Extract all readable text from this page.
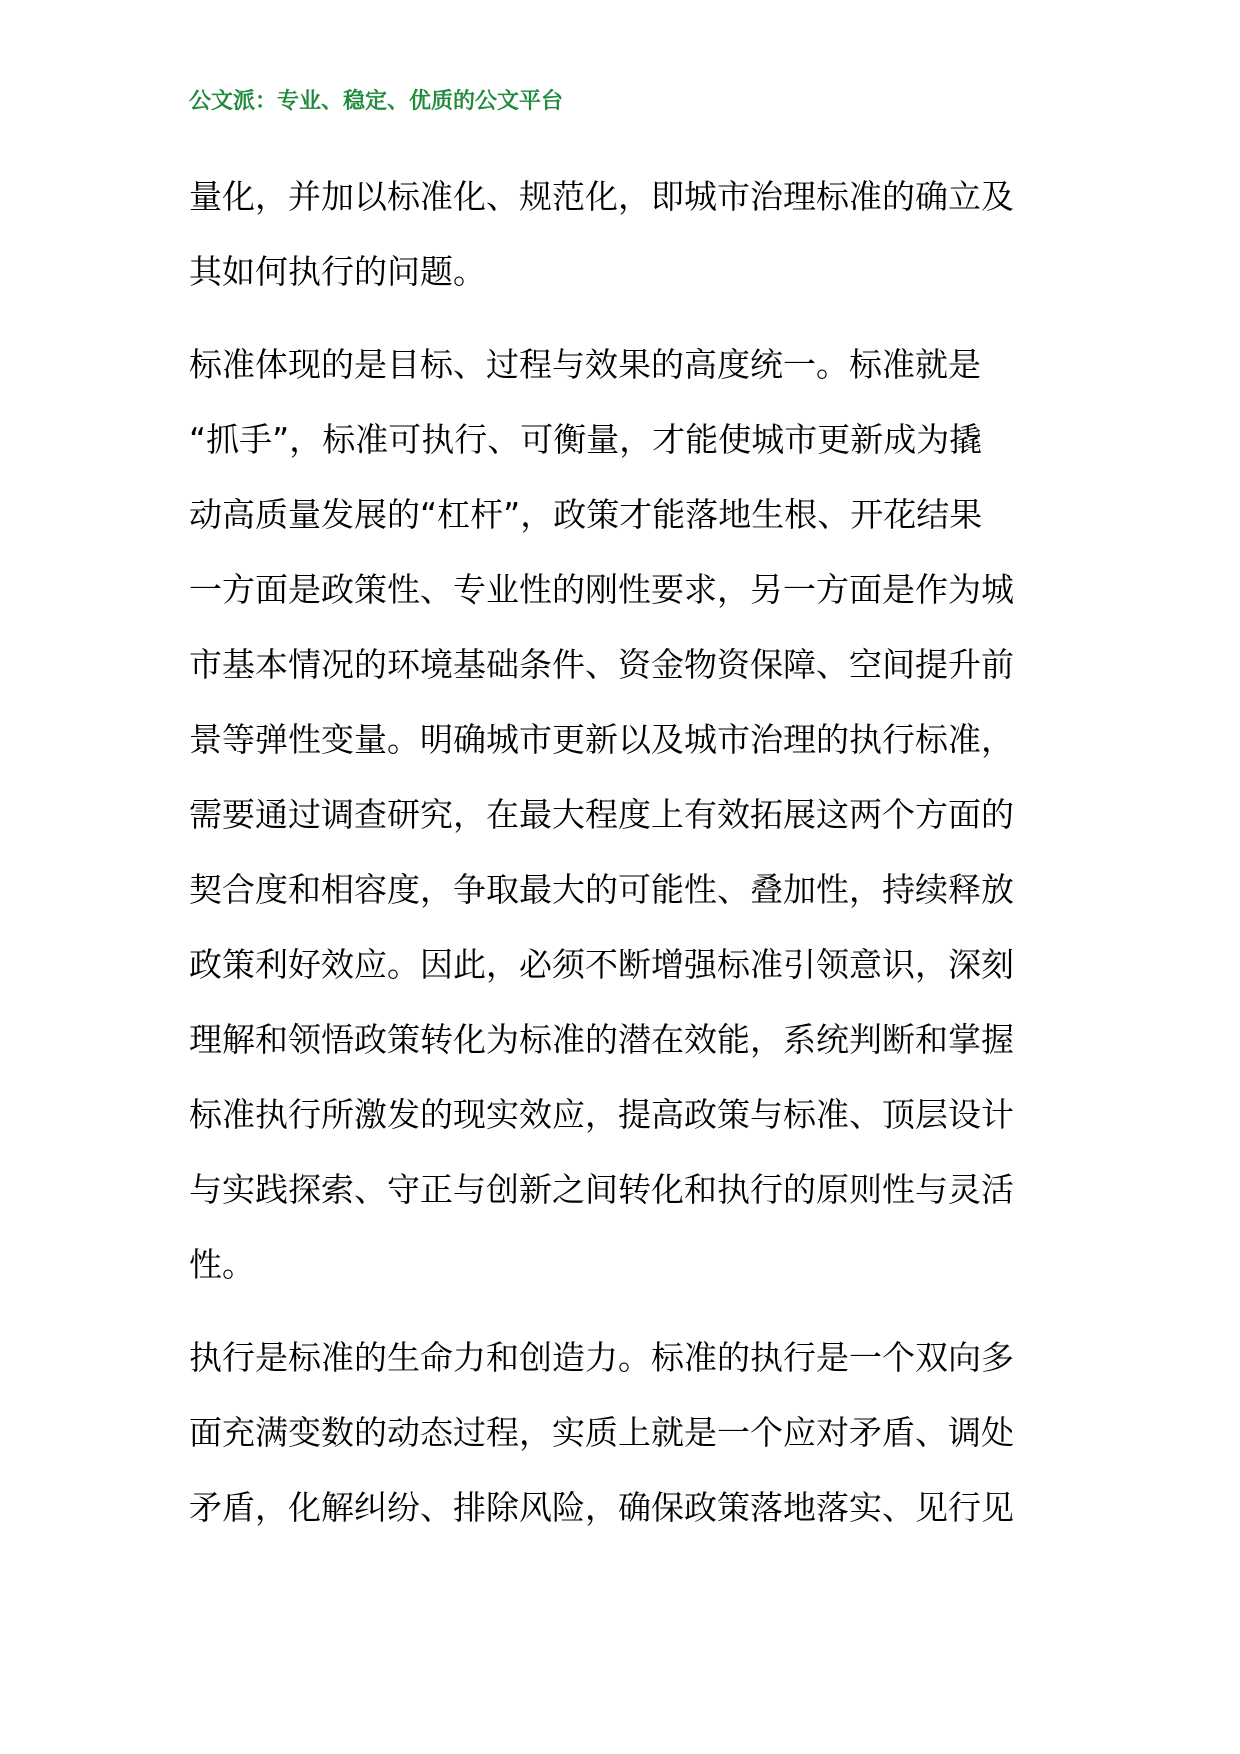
公文派：专业、稳定、优质的公文平台
量化，并加以标准化、规范化，即城市治理标准的确立及
其如何执行的问题。
标准体现的是目标、过程与效果的高度统一。标准就是
“抓手”，标准可执行、可衡量，才能使城市更新成为撬
动高质量发展的“杠杆”，政策才能落地生根、开花结果
一方面是政策性、专业性的刚性要求，另一方面是作为城
市基本情况的环境基础条件、资金物资保障、空间提升前
景等弹性变量。明确城市更新以及城市治理的执行标准，
需要通过调查研究，在最大程度上有效拓展这两个方面的
契合度和相容度，争取最大的可能性、叠加性，持续释放
政策利好效应。因此，必须不断增强标准引领意识，深刻
理解和领悟政策转化为标准的潜在效能，系统判断和掌握
标准执行所激发的现实效应，提高政策与标准、顶层设计
与实践探索、守正与创新之间转化和执行的原则性与灵活
性。
执行是标准的生命力和创造力。标准的执行是一个双向多
面充满变数的动态过程，实质上就是一个应对矛盾、调处
矛盾，化解纠纷、排除风险，确保政策落地落实、见行见
